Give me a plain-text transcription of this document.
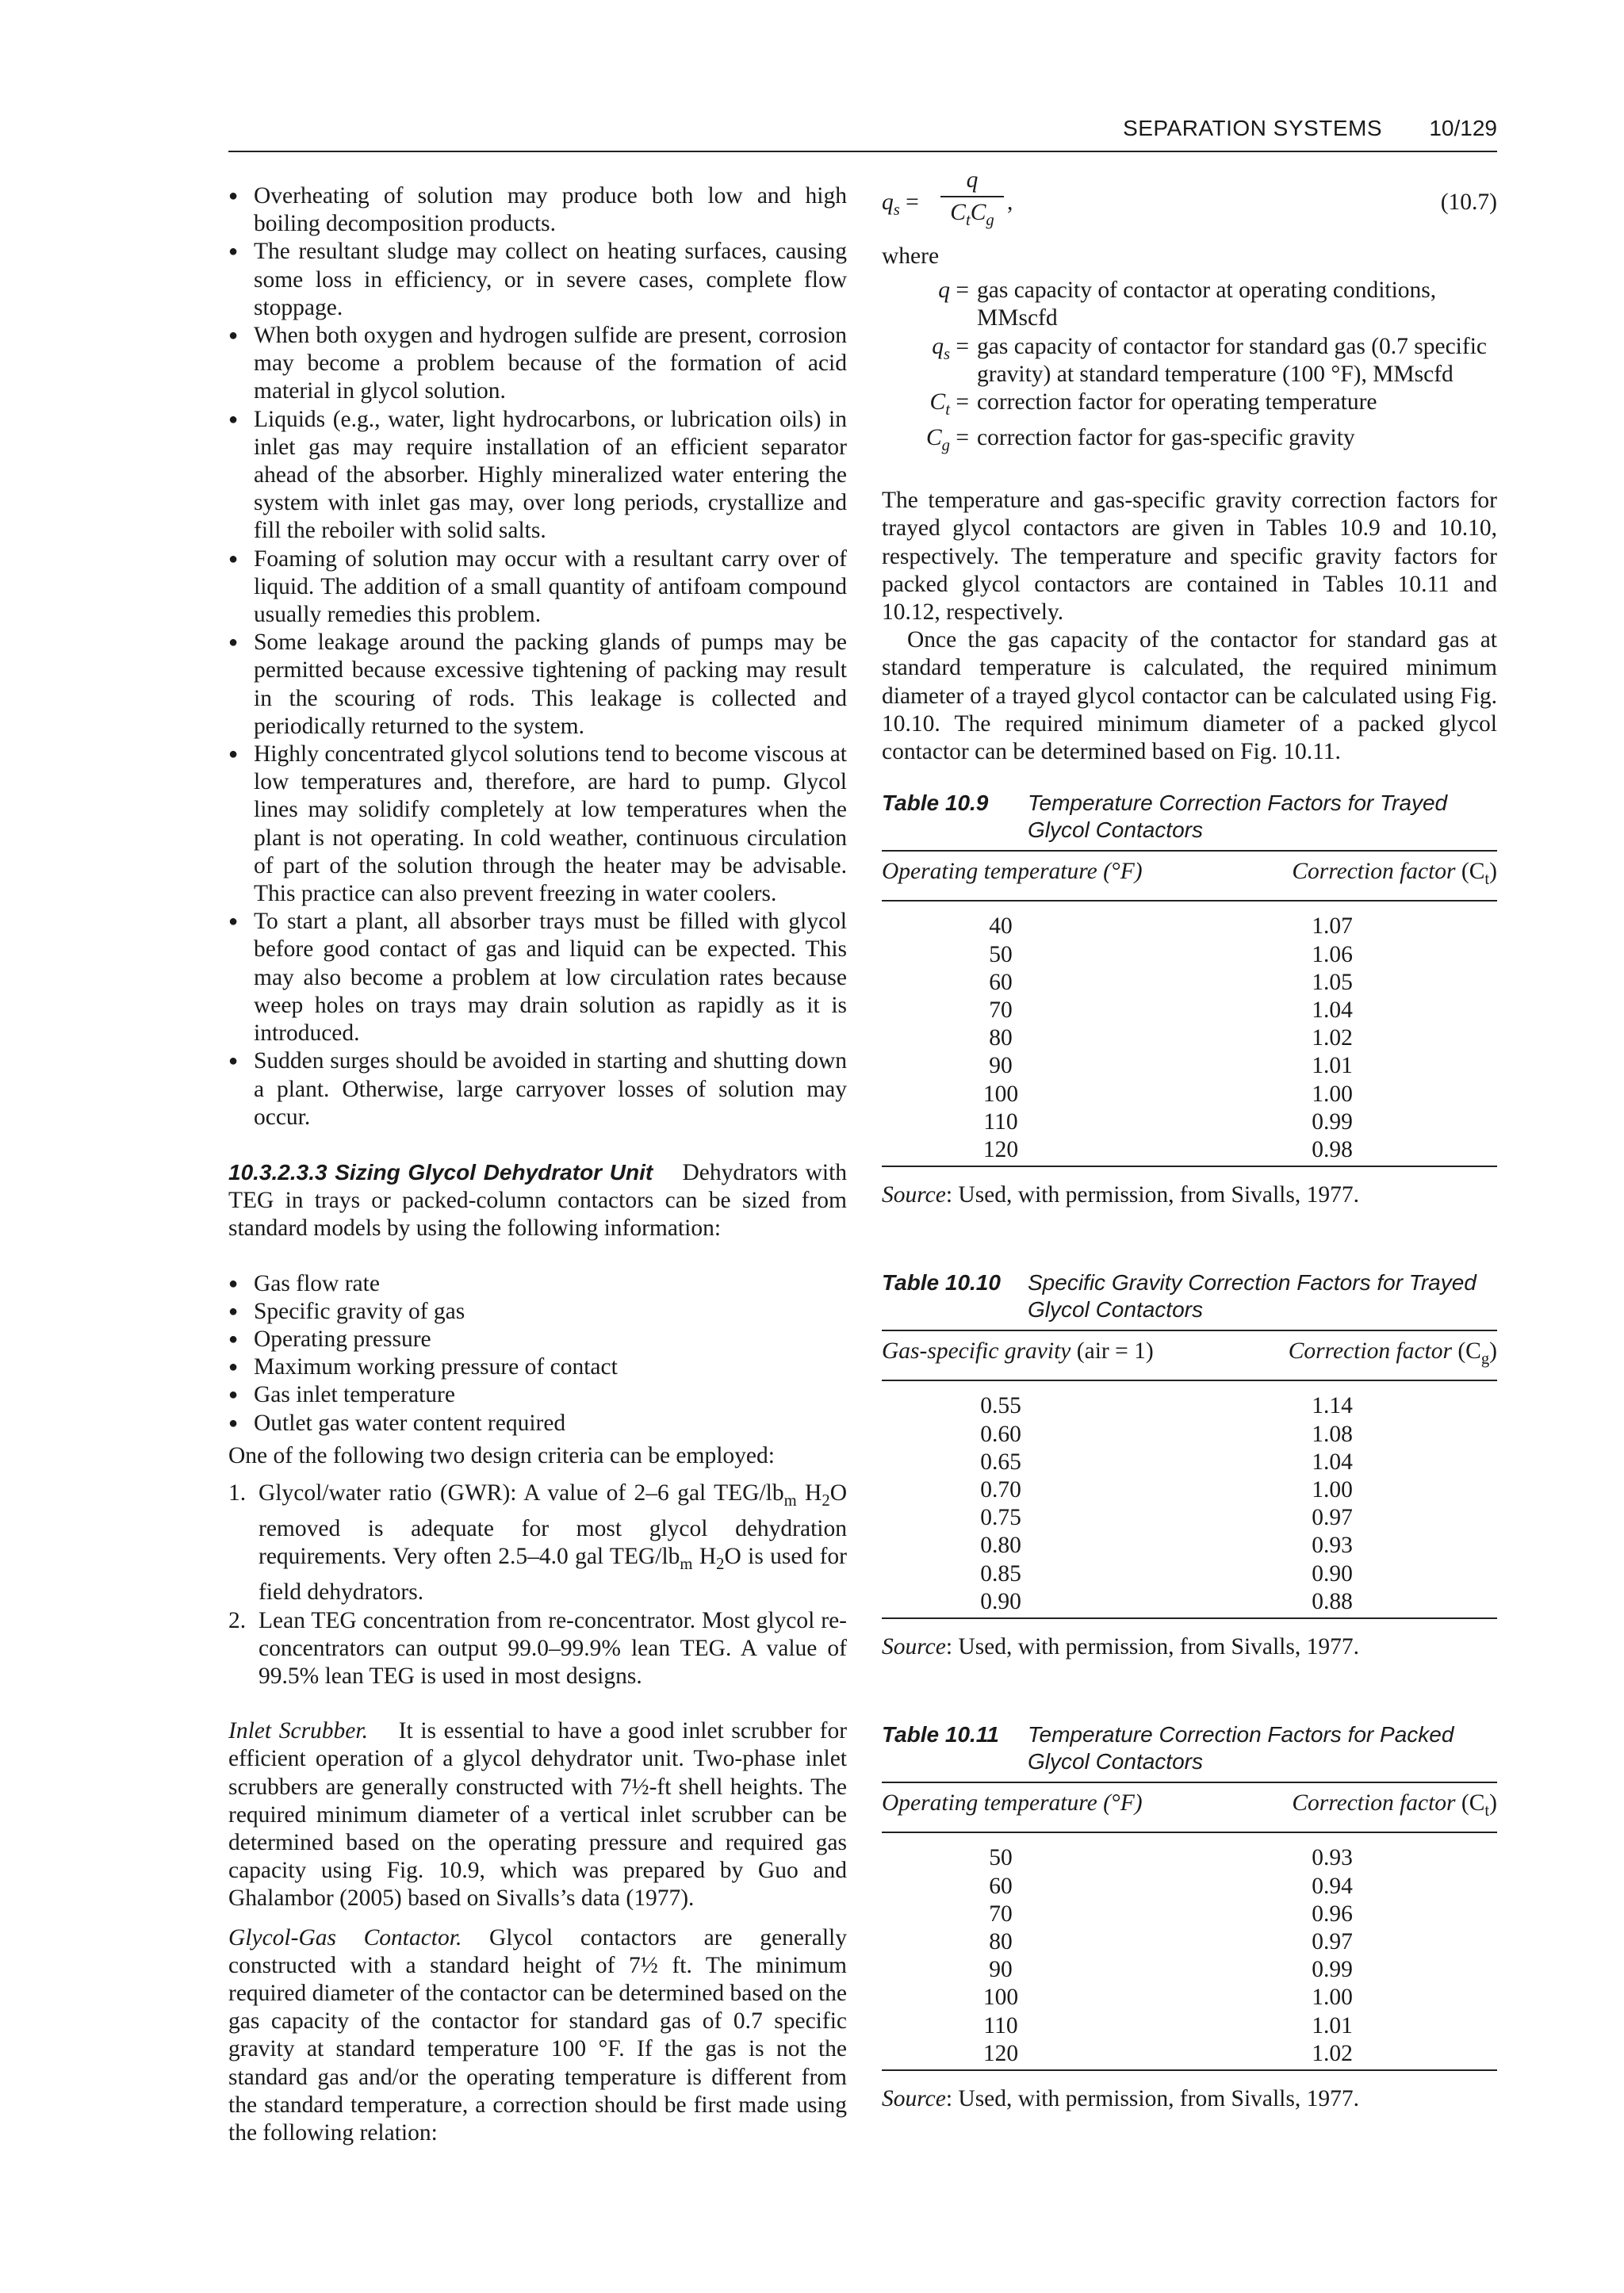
SEPARATION SYSTEMS 10/129
● Overheating of solution may produce both low and high boiling decomposition products.
● The resultant sludge may collect on heating surfaces, causing some loss in efficiency, or in severe cases, complete flow stoppage.
● When both oxygen and hydrogen sulfide are present, corrosion may become a problem because of the formation of acid material in glycol solution.
● Liquids (e.g., water, light hydrocarbons, or lubrication oils) in inlet gas may require installation of an efficient separator ahead of the absorber. Highly mineralized water entering the system with inlet gas may, over long periods, crystallize and fill the reboiler with solid salts.
● Foaming of solution may occur with a resultant carry over of liquid. The addition of a small quantity of antifoam compound usually remedies this problem.
● Some leakage around the packing glands of pumps may be permitted because excessive tightening of packing may result in the scouring of rods. This leakage is collected and periodically returned to the system.
● Highly concentrated glycol solutions tend to become viscous at low temperatures and, therefore, are hard to pump. Glycol lines may solidify completely at low temperatures when the plant is not operating. In cold weather, continuous circulation of part of the solution through the heater may be advisable. This practice can also prevent freezing in water coolers.
● To start a plant, all absorber trays must be filled with glycol before good contact of gas and liquid can be expected. This may also become a problem at low circulation rates because weep holes on trays may drain solution as rapidly as it is introduced.
● Sudden surges should be avoided in starting and shutting down a plant. Otherwise, large carryover losses of solution may occur.

10.3.2.3.3 Sizing Glycol Dehydrator Unit Dehydrators with TEG in trays or packed-column contactors can be sized from standard models by using the following information:

● Gas flow rate
● Specific gravity of gas
● Operating pressure
● Maximum working pressure of contact
● Gas inlet temperature
● Outlet gas water content required

One of the following two design criteria can be employed:

1. Glycol/water ratio (GWR): A value of 2–6 gal TEG/$lb_m$ $H_2O$ removed is adequate for most glycol dehydration requirements. Very often 2.5–4.0 gal TEG/$lb_m$ $H_2O$ is used for field dehydrators.
2. Lean TEG concentration from re-concentrator. Most glycol re-concentrators can output 99.0–99.9% lean TEG. A value of 99.5% lean TEG is used in most designs.

Inlet Scrubber. It is essential to have a good inlet scrubber for efficient operation of a glycol dehydrator unit. Two-phase inlet scrubbers are generally constructed with 7½-ft shell heights. The required minimum diameter of a vertical inlet scrubber can be determined based on the operating pressure and required gas capacity using Fig. 10.9, which was prepared by Guo and Ghalambor (2005) based on Sivalls’s data (1977).

Glycol-Gas Contactor. Glycol contactors are generally constructed with a standard height of 7½ ft. The minimum required diameter of the contactor can be determined based on the gas capacity of the contactor for standard gas of 0.7 specific gravity at standard temperature 100 °F. If the gas is not the standard gas and/or the operating temperature is different from the standard temperature, a correction should be first made using the following relation:

$q_s$ =
q
$C_tC_g$
,	(10.7)

where

q = gas capacity of contactor at operating conditions, MMscfd
$q_s$ = gas capacity of contactor for standard gas (0.7 specific gravity) at standard temperature (100 °F), MMscfd
$C_t$ = correction factor for operating temperature
$C_g$ = correction factor for gas-specific gravity

The temperature and gas-specific gravity correction factors for trayed glycol contactors are given in Tables 10.9 and 10.10, respectively. The temperature and specific gravity factors for packed glycol contactors are contained in Tables 10.11 and 10.12, respectively.

Once the gas capacity of the contactor for standard gas at standard temperature is calculated, the required minimum diameter of a trayed glycol contactor can be calculated using Fig. 10.10. The required minimum diameter of a packed glycol contactor can be determined based on Fig. 10.11.

Table 10.9	Temperature Correction Factors for Trayed Glycol Contactors
Operating temperature (°F)	Correction factor $(C_t)$
40	1.07
50	1.06
60	1.05
70	1.04
80	1.02
90	1.01
100	1.00
110	0.99
120	0.98

Source: Used, with permission, from Sivalls, 1977.

Table 10.10	Specific Gravity Correction Factors for Trayed Glycol Contactors
Gas-specific gravity (air = 1)	Correction factor $(C_g)$
0.55	1.14
0.60	1.08
0.65	1.04
0.70	1.00
0.75	0.97
0.80	0.93
0.85	0.90
0.90	0.88

Source: Used, with permission, from Sivalls, 1977.

Table 10.11	Temperature Correction Factors for Packed Glycol Contactors
Operating temperature (°F)	Correction factor $(C_t)$
50	0.93
60	0.94
70	0.96
80	0.97
90	0.99
100	1.00
110	1.01
120	1.02

Source: Used, with permission, from Sivalls, 1977.
